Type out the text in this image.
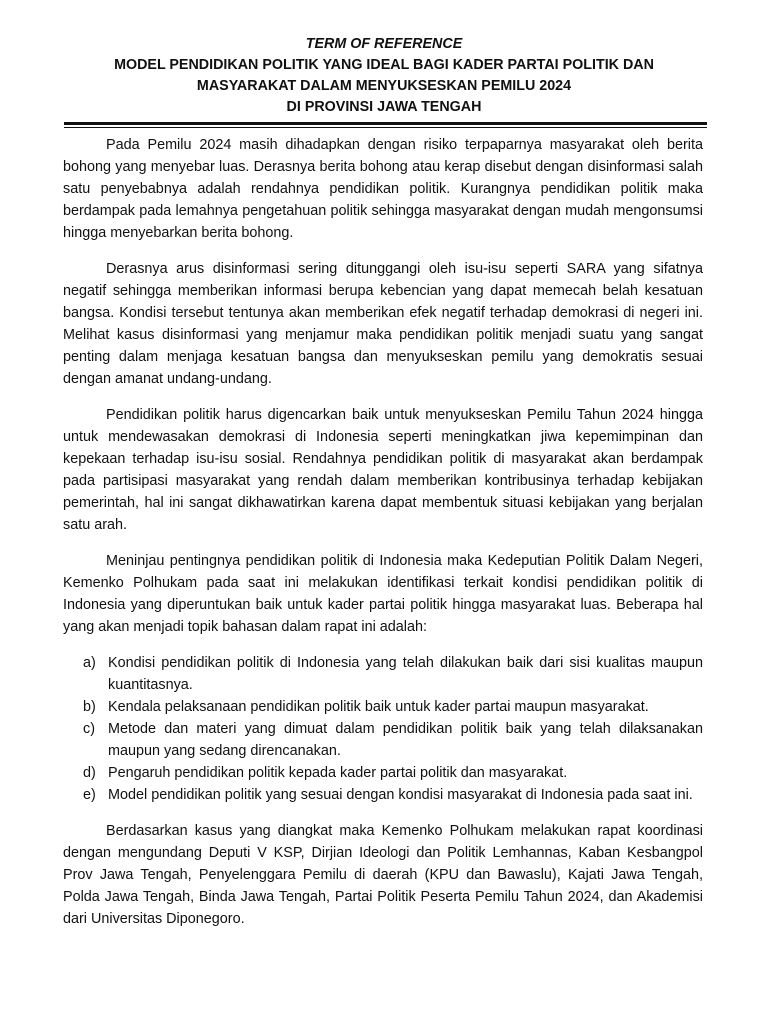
TERM OF REFERENCE
MODEL PENDIDIKAN POLITIK YANG IDEAL BAGI KADER PARTAI POLITIK DAN
MASYARAKAT DALAM MENYUKSESKAN PEMILU 2024
DI PROVINSI JAWA TENGAH

Pada Pemilu 2024 masih dihadapkan dengan risiko terpaparnya masyarakat oleh berita bohong yang menyebar luas. Derasnya berita bohong atau kerap disebut dengan disinformasi salah satu penyebabnya adalah rendahnya pendidikan politik. Kurangnya pendidikan politik maka berdampak pada lemahnya pengetahuan politik sehingga masyarakat dengan mudah mengonsumsi hingga menyebarkan berita bohong.

Derasnya arus disinformasi sering ditunggangi oleh isu-isu seperti SARA yang sifatnya negatif sehingga memberikan informasi berupa kebencian yang dapat memecah belah kesatuan bangsa. Kondisi tersebut tentunya akan memberikan efek negatif terhadap demokrasi di negeri ini. Melihat kasus disinformasi yang menjamur maka pendidikan politik menjadi suatu yang sangat penting dalam menjaga kesatuan bangsa dan menyukseskan pemilu yang demokratis sesuai dengan amanat undang-undang.

Pendidikan politik harus digencarkan baik untuk menyukseskan Pemilu Tahun 2024 hingga untuk mendewasakan demokrasi di Indonesia seperti meningkatkan jiwa kepemimpinan dan kepekaan terhadap isu-isu sosial. Rendahnya pendidikan politik di masyarakat akan berdampak pada partisipasi masyarakat yang rendah dalam memberikan kontribusinya terhadap kebijakan pemerintah, hal ini sangat dikhawatirkan karena dapat membentuk situasi kebijakan yang berjalan satu arah.

Meninjau pentingnya pendidikan politik di Indonesia maka Kedeputian Politik Dalam Negeri, Kemenko Polhukam pada saat ini melakukan identifikasi terkait kondisi pendidikan politik di Indonesia yang diperuntukan baik untuk kader partai politik hingga masyarakat luas. Beberapa hal yang akan menjadi topik bahasan dalam rapat ini adalah:

a) Kondisi pendidikan politik di Indonesia yang telah dilakukan baik dari sisi kualitas maupun kuantitasnya.
b) Kendala pelaksanaan pendidikan politik baik untuk kader partai maupun masyarakat.
c) Metode dan materi yang dimuat dalam pendidikan politik baik yang telah dilaksanakan maupun yang sedang direncanakan.
d) Pengaruh pendidikan politik kepada kader partai politik dan masyarakat.
e) Model pendidikan politik yang sesuai dengan kondisi masyarakat di Indonesia pada saat ini.

Berdasarkan kasus yang diangkat maka Kemenko Polhukam melakukan rapat koordinasi dengan mengundang Deputi V KSP, Dirjian Ideologi dan Politik Lemhannas, Kaban Kesbangpol Prov Jawa Tengah, Penyelenggara Pemilu di daerah (KPU dan Bawaslu), Kajati Jawa Tengah, Polda Jawa Tengah, Binda Jawa Tengah, Partai Politik Peserta Pemilu Tahun 2024, dan Akademisi dari Universitas Diponegoro.
